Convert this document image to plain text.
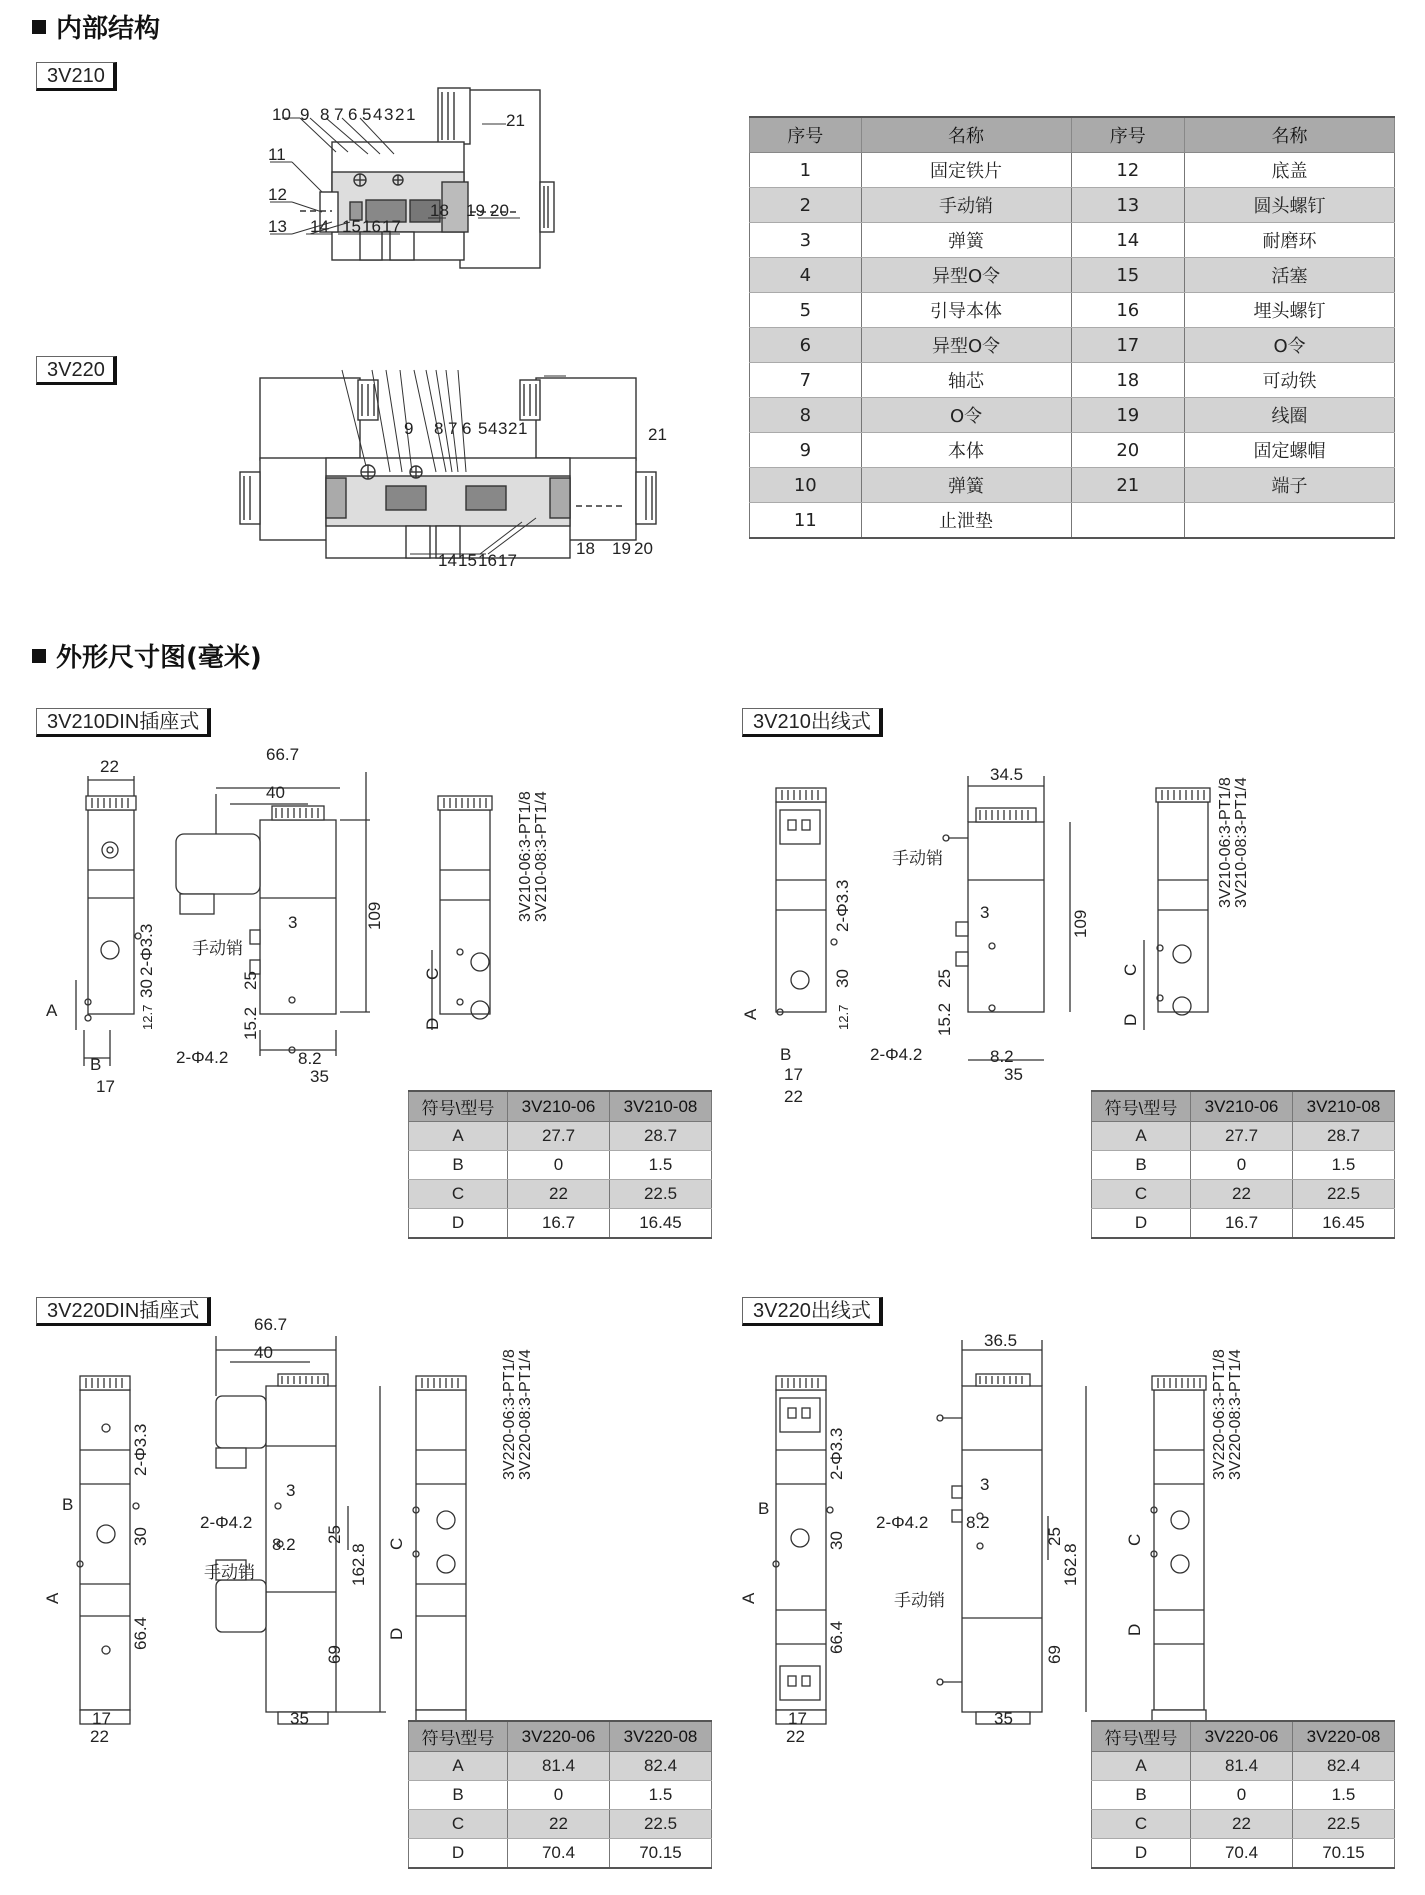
内部结构
3V210
3V220
10 9 8 7 6 5 4 3 2 1	21
11
12
13 14 15 16 17
18 19 20
9 8 7 6 5 4 3 2 1	21
14 15 16 17
18 19 20
序号	名称	序号	名称
1	固定铁片	12	底盖
2	手动销	13	圆头螺钉
3	弹簧	14	耐磨环
4	异型O令	15	活塞
5	引导本体	16	埋头螺钉
6	异型O令	17	O令
7	轴芯	18	可动铁
8	O令	19	线圈
9	本体	20	固定螺帽
10	弹簧	21	端子
11	止泄垫		
外形尺寸图(毫米)
3V210DIN插座式	3V210出线式
3V220DIN插座式	3V220出线式
22
66.7
40
3
手动销
2-Φ4.2	8.2
35
B
17
A
2-Φ3.3
30
12.7
109
25
15.2
C
D
3V210-06:3-PT1/8 3V210-08:3-PT1/4
符号\型号	3V210-06	3V210-08
A	27.7	28.7
B	0	1.5
C	22	22.5
D	16.7	16.45
34.5
手动销
3
2-Φ4.2	8.2
35
B
17
22
A
2-Φ3.3
30
12.7
109
25
15.2
C
D
3V210-06:3-PT1/8 3V210-08:3-PT1/4
符号\型号	3V210-06	3V210-08
A	27.7	28.7
B	0	1.5
C	22	22.5
D	16.7	16.45
66.7
40
3
2-Φ4.2
8.2
手动销
35
B
17
22
A
2-Φ3.3
30
66.4
25
162.8
69
C
D
3V220-06:3-PT1/8 3V220-08:3-PT1/4
符号\型号	3V220-06	3V220-08
A	81.4	82.4
B	0	1.5
C	22	22.5
D	70.4	70.15
36.5
3
2-Φ4.2 8.2
手动销
35
B
17
22
A
2-Φ3.3
30
66.4
25
162.8
69
C
D
3V220-06:3-PT1/8 3V220-08:3-PT1/4
符号\型号	3V220-06	3V220-08
A	81.4	82.4
B	0	1.5
C	22	22.5
D	70.4	70.15
